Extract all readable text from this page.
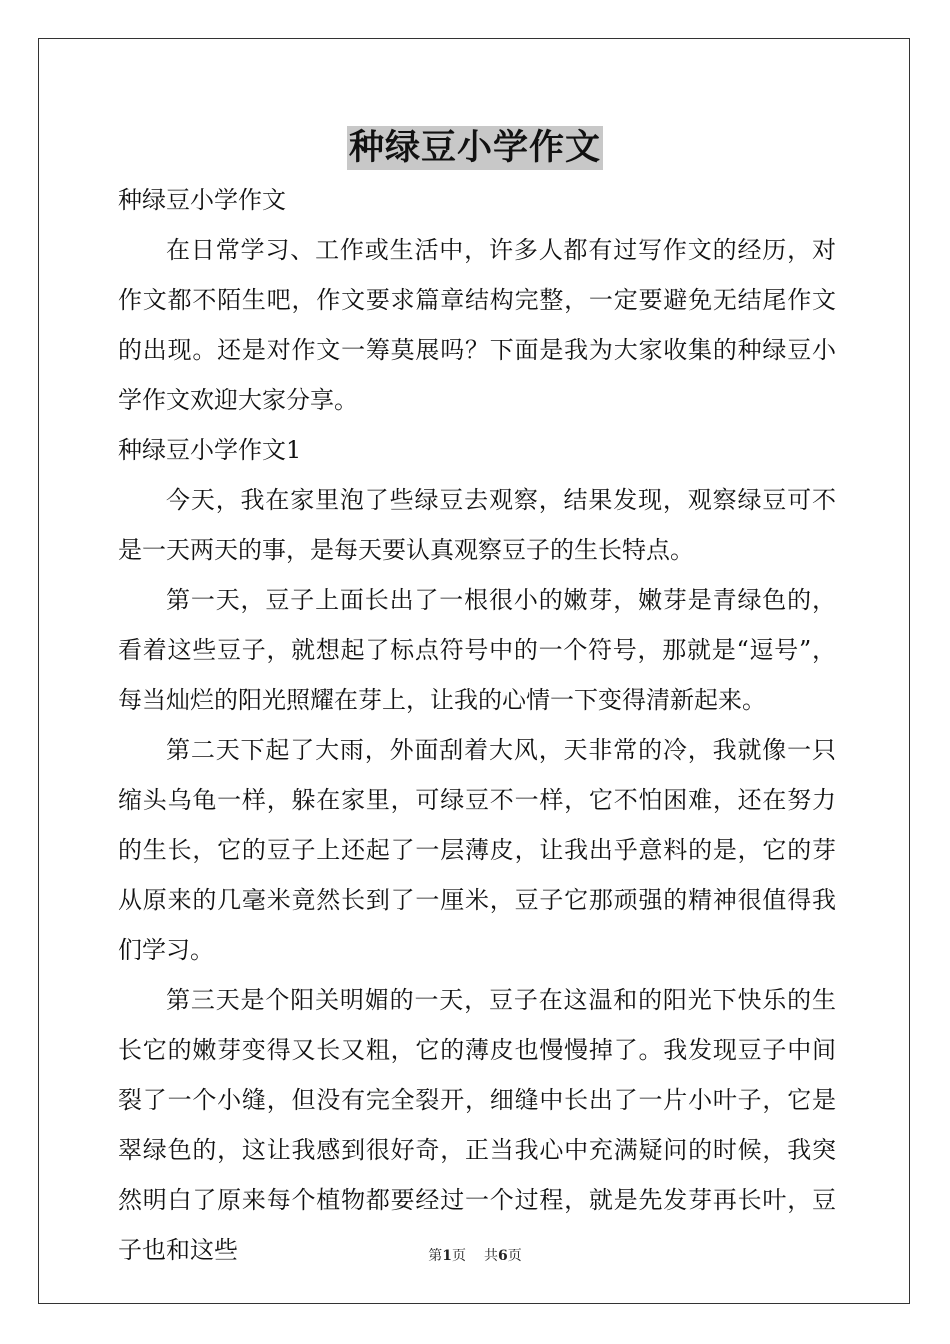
种绿豆小学作文

种绿豆小学作文

在日常学习、工作或生活中，许多人都有过写作文的经历，对作文都不陌生吧，作文要求篇章结构完整，一定要避免无结尾作文的出现。还是对作文一筹莫展吗？下面是我为大家收集的种绿豆小学作文欢迎大家分享。

种绿豆小学作文1

今天，我在家里泡了些绿豆去观察，结果发现，观察绿豆可不是一天两天的事，是每天要认真观察豆子的生长特点。

第一天，豆子上面长出了一根很小的嫩芽，嫩芽是青绿色的，看着这些豆子，就想起了标点符号中的一个符号，那就是“逗号”，每当灿烂的阳光照耀在芽上，让我的心情一下变得清新起来。

第二天下起了大雨，外面刮着大风，天非常的冷，我就像一只缩头乌龟一样，躲在家里，可绿豆不一样，它不怕困难，还在努力的生长，它的豆子上还起了一层薄皮，让我出乎意料的是，它的芽从原来的几毫米竟然长到了一厘米，豆子它那顽强的精神很值得我们学习。

第三天是个阳关明媚的一天，豆子在这温和的阳光下快乐的生长它的嫩芽变得又长又粗，它的薄皮也慢慢掉了。我发现豆子中间裂了一个小缝，但没有完全裂开，细缝中长出了一片小叶子，它是翠绿色的，这让我感到很好奇，正当我心中充满疑问的时候，我突然明白了原来每个植物都要经过一个过程，就是先发芽再长叶，豆子也和这些	第1页 共6页
